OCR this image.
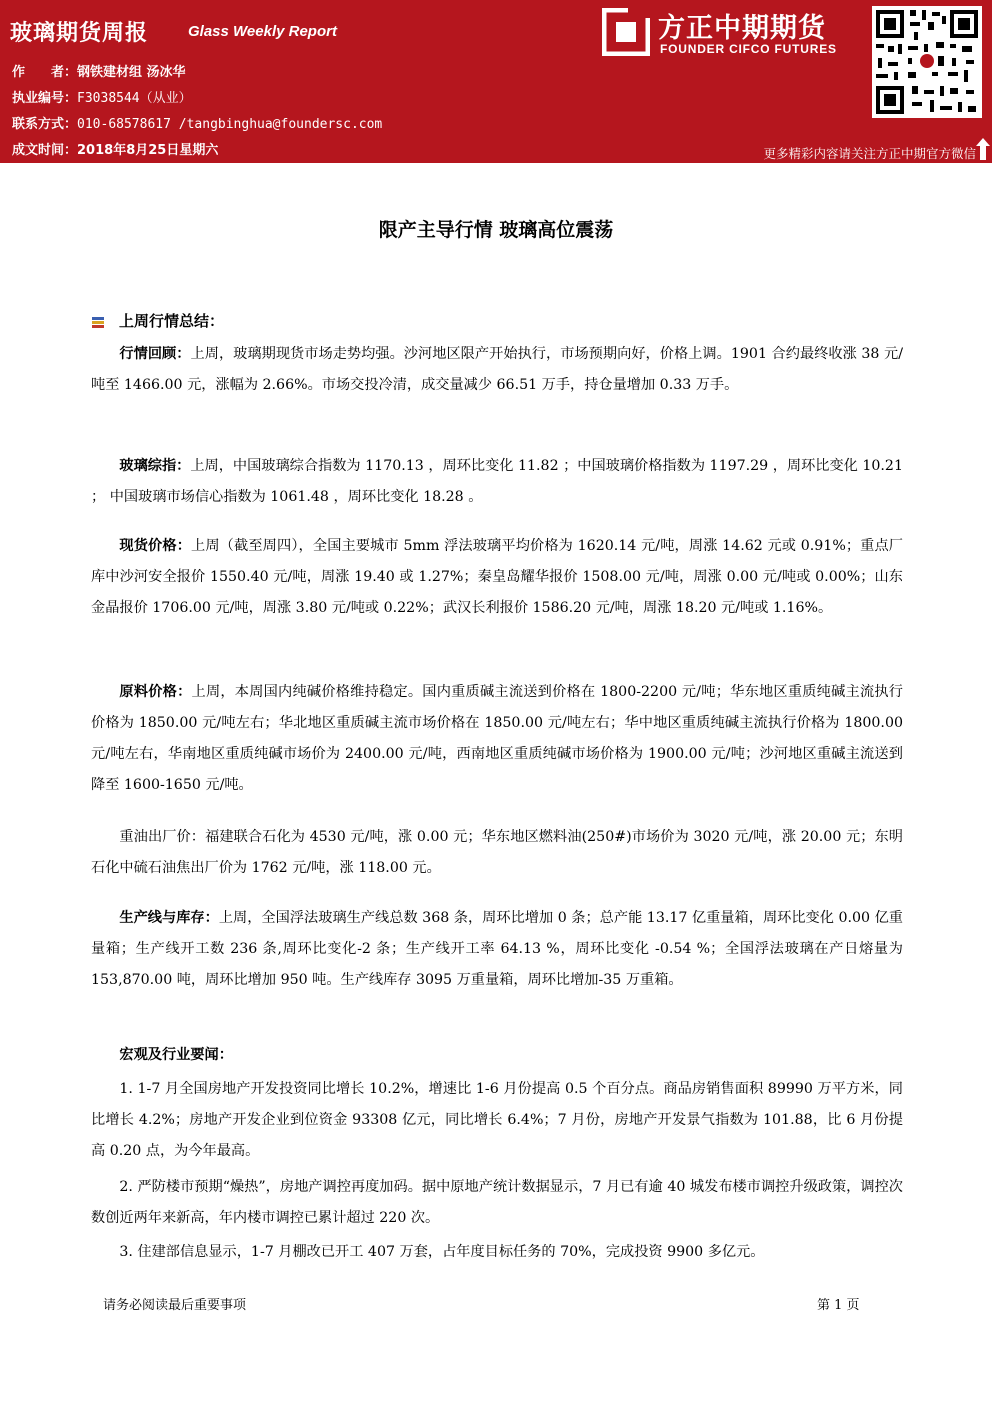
玻璃期货周报	Glass Weekly Report
作　　者：钢铁建材组 汤冰华
执业编号：F3038544（从业）
联系方式：010-68578617 /tangbinghua@foundersc.com
成文时间：2018年8月25日星期六
方正中期期货
FOUNDER CIFCO FUTURES
更多精彩内容请关注方正中期官方微信
限产主导行情 玻璃高位震荡
上周行情总结：
行情回顾：上周，玻璃期现货市场走势均强。沙河地区限产开始执行，市场预期向好，价格上调。1901 合约最终收涨 38 元/吨至 1466.00 元，涨幅为 2.66%。市场交投冷清，成交量减少 66.51 万手，持仓量增加 0.33 万手。
玻璃综指：上周，中国玻璃综合指数为 1170.13 ，周环比变化 11.82 ；中国玻璃价格指数为 1197.29 ，周环比变化 10.21 ； 中国玻璃市场信心指数为 1061.48 ，周环比变化 18.28 。
现货价格：上周（截至周四），全国主要城市 5mm 浮法玻璃平均价格为 1620.14 元/吨，周涨 14.62 元或 0.91%；重点厂库中沙河安全报价 1550.40 元/吨，周涨 19.40 或 1.27%；秦皇岛耀华报价 1508.00 元/吨，周涨 0.00 元/吨或 0.00%；山东金晶报价 1706.00 元/吨，周涨 3.80 元/吨或 0.22%；武汉长利报价 1586.20 元/吨，周涨 18.20 元/吨或 1.16%。
原料价格：上周，本周国内纯碱价格维持稳定。国内重质碱主流送到价格在 1800-2200 元/吨；华东地区重质纯碱主流执行价格为 1850.00 元/吨左右；华北地区重质碱主流市场价格在 1850.00 元/吨左右；华中地区重质纯碱主流执行价格为 1800.00 元/吨左右，华南地区重质纯碱市场价为 2400.00 元/吨，西南地区重质纯碱市场价格为 1900.00 元/吨；沙河地区重碱主流送到降至 1600-1650 元/吨。
重油出厂价：福建联合石化为 4530 元/吨，涨 0.00 元；华东地区燃料油(250#)市场价为 3020 元/吨，涨 20.00 元；东明石化中硫石油焦出厂价为 1762 元/吨，涨 118.00 元。
生产线与库存：上周，全国浮法玻璃生产线总数 368 条，周环比增加 0 条；总产能 13.17 亿重量箱，周环比变化 0.00 亿重量箱；生产线开工数 236 条,周环比变化-2 条；生产线开工率 64.13 %，周环比变化 -0.54 %；全国浮法玻璃在产日熔量为 153,870.00 吨，周环比增加 950 吨。生产线库存 3095 万重量箱，周环比增加-35 万重箱。
宏观及行业要闻：
1. 1-7 月全国房地产开发投资同比增长 10.2%，增速比 1-6 月份提高 0.5 个百分点。商品房销售面积 89990 万平方米，同比增长 4.2%；房地产开发企业到位资金 93308 亿元，同比增长 6.4%；7 月份，房地产开发景气指数为 101.88，比 6 月份提高 0.20 点，为今年最高。
2. 严防楼市预期“燥热”，房地产调控再度加码。据中原地产统计数据显示，7 月已有逾 40 城发布楼市调控升级政策，调控次数创近两年来新高，年内楼市调控已累计超过 220 次。
3. 住建部信息显示，1-7 月棚改已开工 407 万套，占年度目标任务的 70%，完成投资 9900 多亿元。
请务必阅读最后重要事项	第 1 页
